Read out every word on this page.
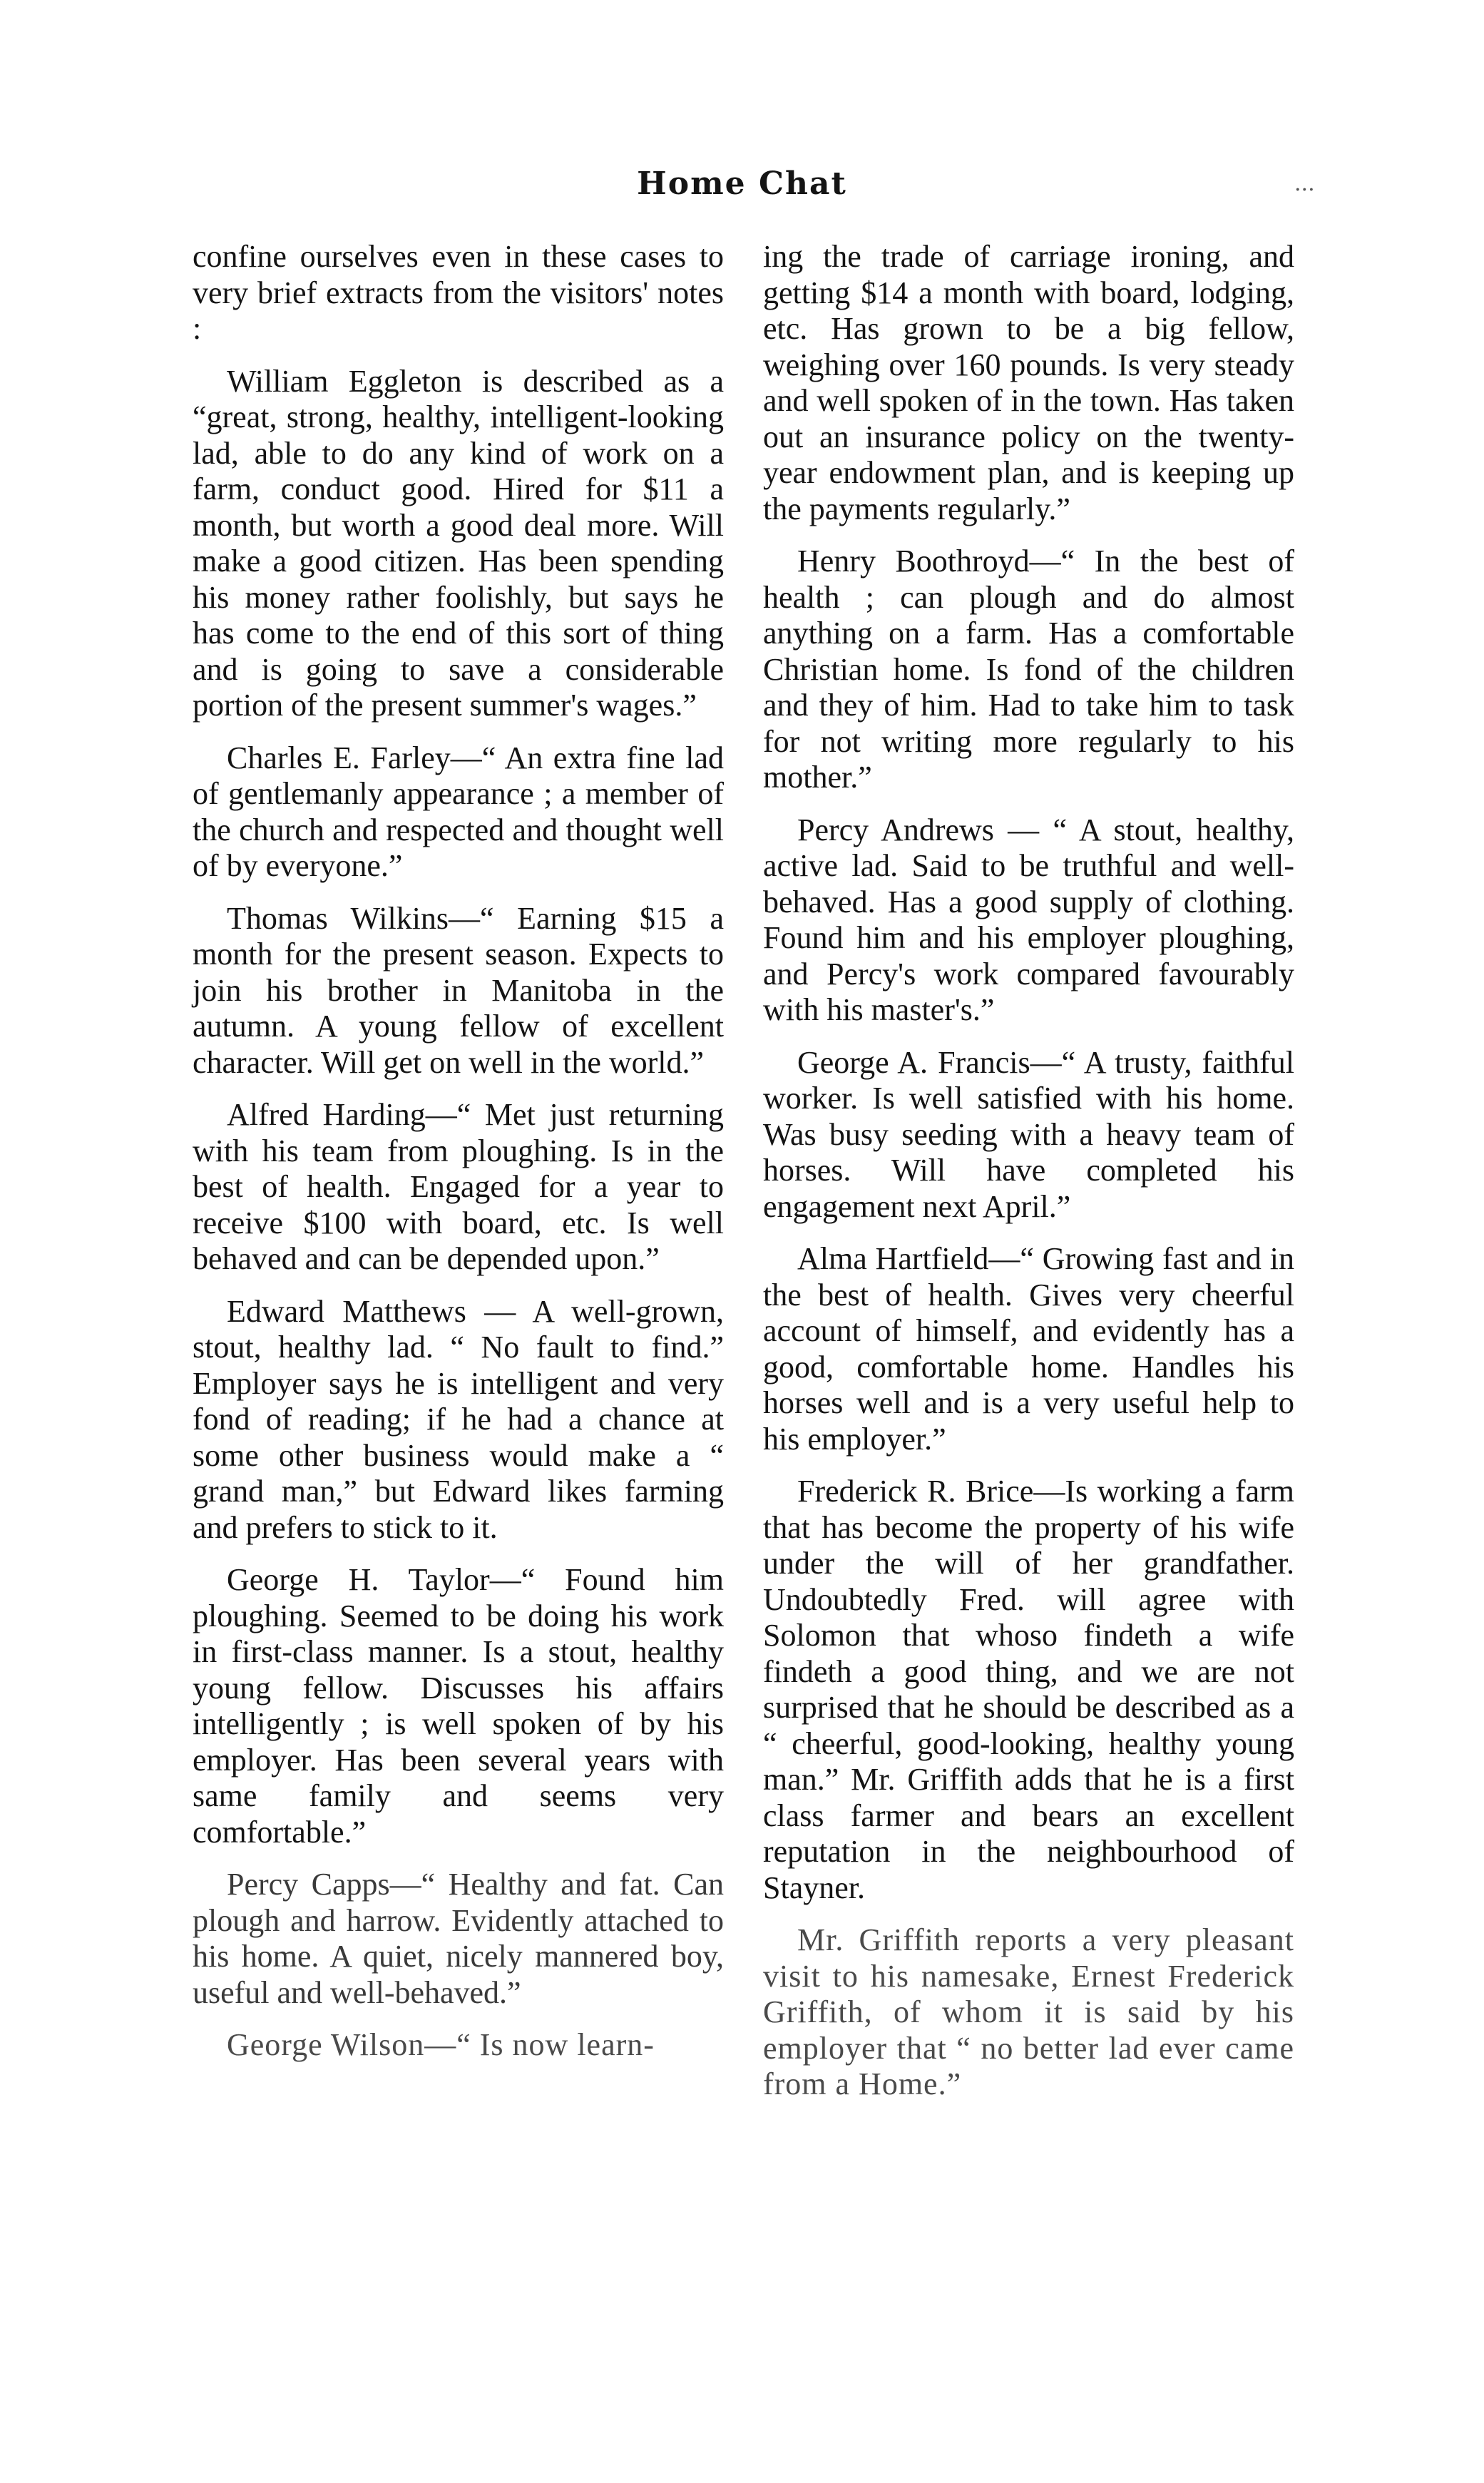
Home Chat	...

confine ourselves even in these cases to very brief extracts from the visitors' notes :

William Eggleton is described as a “great, strong, healthy, intelligent-looking lad, able to do any kind of work on a farm, conduct good. Hired for $11 a month, but worth a good deal more. Will make a good citizen. Has been spending his money rather foolishly, but says he has come to the end of this sort of thing and is going to save a considerable portion of the present summer's wages.”

Charles E. Farley—“ An extra fine lad of gentlemanly appearance ; a member of the church and respected and thought well of by everyone.”

Thomas Wilkins—“ Earning $15 a month for the present season. Expects to join his brother in Manitoba in the autumn. A young fellow of excellent character. Will get on well in the world.”

Alfred Harding—“ Met just returning with his team from ploughing. Is in the best of health. Engaged for a year to receive $100 with board, etc. Is well behaved and can be depended upon.”

Edward Matthews — A well-grown, stout, healthy lad. “ No fault to find.” Employer says he is intelligent and very fond of reading; if he had a chance at some other business would make a “ grand man,” but Edward likes farming and prefers to stick to it.

George H. Taylor—“ Found him ploughing. Seemed to be doing his work in first-class manner. Is a stout, healthy young fellow. Discusses his affairs intelligently ; is well spoken of by his employer. Has been several years with same family and seems very comfortable.”

Percy Capps—“ Healthy and fat. Can plough and harrow. Evidently attached to his home. A quiet, nicely mannered boy, useful and well-behaved.”

George Wilson—“ Is now learn-

ing the trade of carriage ironing, and getting $14 a month with board, lodging, etc. Has grown to be a big fellow, weighing over 160 pounds. Is very steady and well spoken of in the town. Has taken out an insurance policy on the twenty-year endowment plan, and is keeping up the payments regularly.”

Henry Boothroyd—“ In the best of health ; can plough and do almost anything on a farm. Has a comfortable Christian home. Is fond of the children and they of him. Had to take him to task for not writing more regularly to his mother.”

Percy Andrews — “ A stout, healthy, active lad. Said to be truthful and well-behaved. Has a good supply of clothing. Found him and his employer ploughing, and Percy's work compared favourably with his master's.”

George A. Francis—“ A trusty, faithful worker. Is well satisfied with his home. Was busy seeding with a heavy team of horses. Will have completed his engagement next April.”

Alma Hartfield—“ Growing fast and in the best of health. Gives very cheerful account of himself, and evidently has a good, comfortable home. Handles his horses well and is a very useful help to his employer.”

Frederick R. Brice—Is working a farm that has become the property of his wife under the will of her grandfather. Undoubtedly Fred. will agree with Solomon that whoso findeth a wife findeth a good thing, and we are not surprised that he should be described as a “ cheerful, good-looking, healthy young man.” Mr. Griffith adds that he is a first class farmer and bears an excellent reputation in the neighbourhood of Stayner.

Mr. Griffith reports a very pleasant visit to his namesake, Ernest Frederick Griffith, of whom it is said by his employer that “ no better lad ever came from a Home.”
